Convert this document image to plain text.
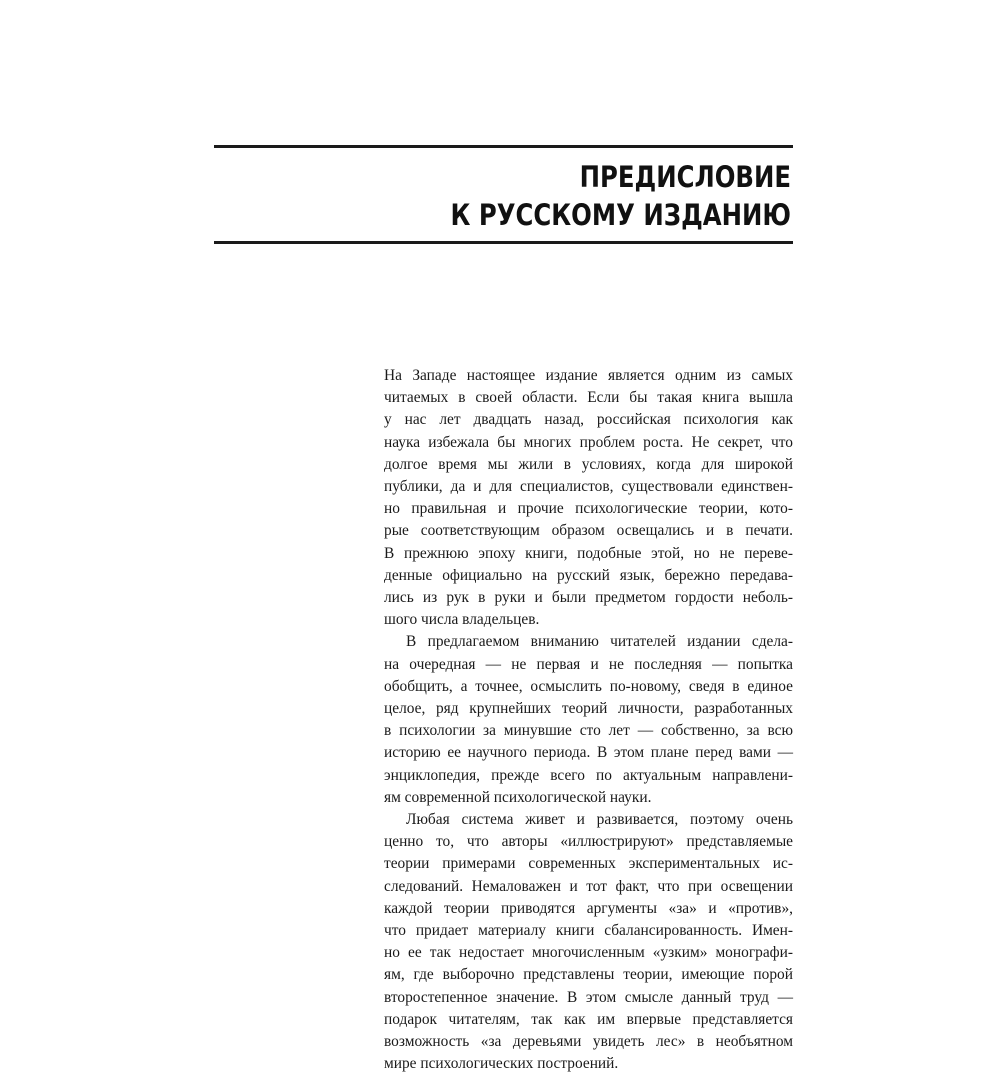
ПРЕДИСЛОВИЕ
К РУССКОМУ ИЗДАНИЮ

На Западе настоящее издание является одним из самых

читаемых в своей области. Если бы такая книга вышла

у нас лет двадцать назад, российская психология как

наука избежала бы многих проблем роста. Не секрет, что

долгое время мы жили в условиях, когда для широкой

публики, да и для специалистов, существовали единствен-

но правильная и прочие психологические теории, кото-

рые соответствующим образом освещались и в печати.

В прежнюю эпоху книги, подобные этой, но не переве-

денные официально на русский язык, бережно передава-

лись из рук в руки и были предметом гордости неболь-

шого числа владельцев.

В предлагаемом вниманию читателей издании сдела-

на очередная — не первая и не последняя — попытка

обобщить, а точнее, осмыслить по-новому, сведя в единое

целое, ряд крупнейших теорий личности, разработанных

в психологии за минувшие сто лет — собственно, за всю

историю ее научного периода. В этом плане перед вами —

энциклопедия, прежде всего по актуальным направлени-

ям современной психологической науки.

Любая система живет и развивается, поэтому очень

ценно то, что авторы «иллюстрируют» представляемые

теории примерами современных экспериментальных ис-

следований. Немаловажен и тот факт, что при освещении

каждой теории приводятся аргументы «за» и «против»,

что придает материалу книги сбалансированность. Имен-

но ее так недостает многочисленным «узким» монографи-

ям, где выборочно представлены теории, имеющие порой

второстепенное значение. В этом смысле данный труд —

подарок читателям, так как им впервые представляется

возможность «за деревьями увидеть лес» в необъятном

мире психологических построений.
